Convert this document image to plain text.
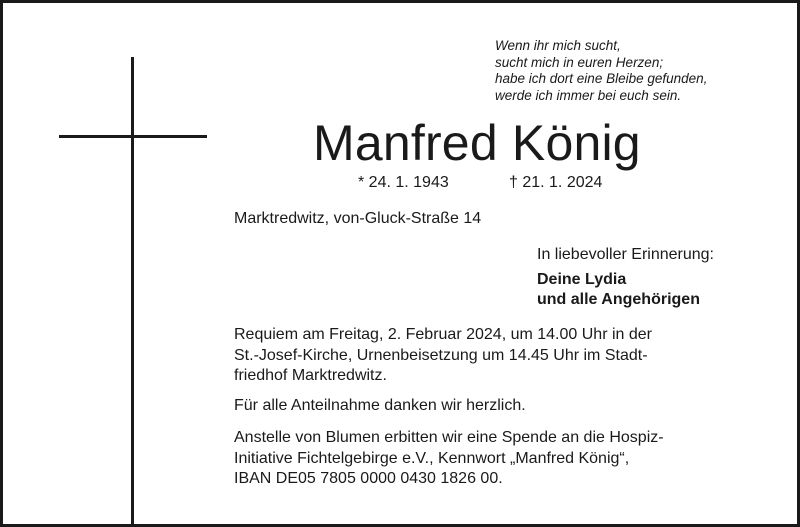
Wenn ihr mich sucht,
sucht mich in euren Herzen;
habe ich dort eine Bleibe gefunden,
werde ich immer bei euch sein.
Manfred König
* 24. 1. 1943	† 21. 1. 2024
Marktredwitz, von-Gluck-Straße 14
In liebevoller Erinnerung:
Deine Lydia
und alle Angehörigen
Requiem am Freitag, 2. Februar 2024, um 14.00 Uhr in der
St.-Josef-Kirche, Urnenbeisetzung um 14.45 Uhr im Stadt-
friedhof Marktredwitz.
Für alle Anteilnahme danken wir herzlich.
Anstelle von Blumen erbitten wir eine Spende an die Hospiz-
Initiative Fichtelgebirge e.V., Kennwort „Manfred König“,
IBAN DE05 7805 0000 0430 1826 00.
